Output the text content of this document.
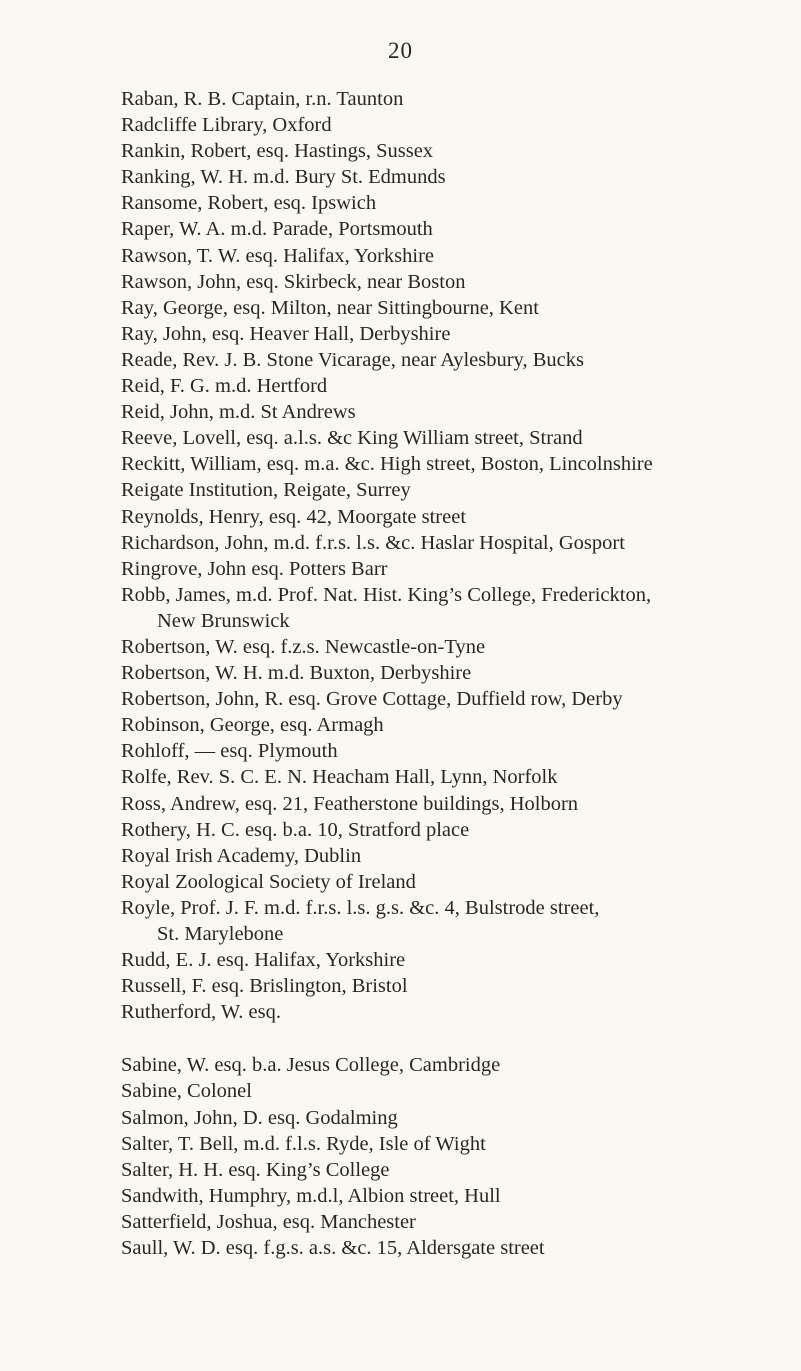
20
Raban, R. B. Captain, r.n. Taunton
Radcliffe Library, Oxford
Rankin, Robert, esq. Hastings, Sussex
Ranking, W. H. m.d. Bury St. Edmunds
Ransome, Robert, esq. Ipswich
Raper, W. A. m.d. Parade, Portsmouth
Rawson, T. W. esq. Halifax, Yorkshire
Rawson, John, esq. Skirbeck, near Boston
Ray, George, esq. Milton, near Sittingbourne, Kent
Ray, John, esq. Heaver Hall, Derbyshire
Reade, Rev. J. B. Stone Vicarage, near Aylesbury, Bucks
Reid, F. G. m.d. Hertford
Reid, John, m.d. St Andrews
Reeve, Lovell, esq. a.l.s. &c King William street, Strand
Reckitt, William, esq. m.a. &c. High street, Boston, Lincolnshire
Reigate Institution, Reigate, Surrey
Reynolds, Henry, esq. 42, Moorgate street
Richardson, John, m.d. f.r.s. l.s. &c. Haslar Hospital, Gosport
Ringrove, John esq. Potters Barr
Robb, James, m.d. Prof. Nat. Hist. King’s College, Frederickton,
New Brunswick
Robertson, W. esq. f.z.s. Newcastle-on-Tyne
Robertson, W. H. m.d. Buxton, Derbyshire
Robertson, John, R. esq. Grove Cottage, Duffield row, Derby
Robinson, George, esq. Armagh
Rohloff, — esq. Plymouth
Rolfe, Rev. S. C. E. N. Heacham Hall, Lynn, Norfolk
Ross, Andrew, esq. 21, Featherstone buildings, Holborn
Rothery, H. C. esq. b.a. 10, Stratford place
Royal Irish Academy, Dublin
Royal Zoological Society of Ireland
Royle, Prof. J. F. m.d. f.r.s. l.s. g.s. &c. 4, Bulstrode street,
St. Marylebone
Rudd, E. J. esq. Halifax, Yorkshire
Russell, F. esq. Brislington, Bristol
Rutherford, W. esq.
Sabine, W. esq. b.a. Jesus College, Cambridge
Sabine, Colonel
Salmon, John, D. esq. Godalming
Salter, T. Bell, m.d. f.l.s. Ryde, Isle of Wight
Salter, H. H. esq. King’s College
Sandwith, Humphry, m.d.l, Albion street, Hull
Satterfield, Joshua, esq. Manchester
Saull, W. D. esq. f.g.s. a.s. &c. 15, Aldersgate street
